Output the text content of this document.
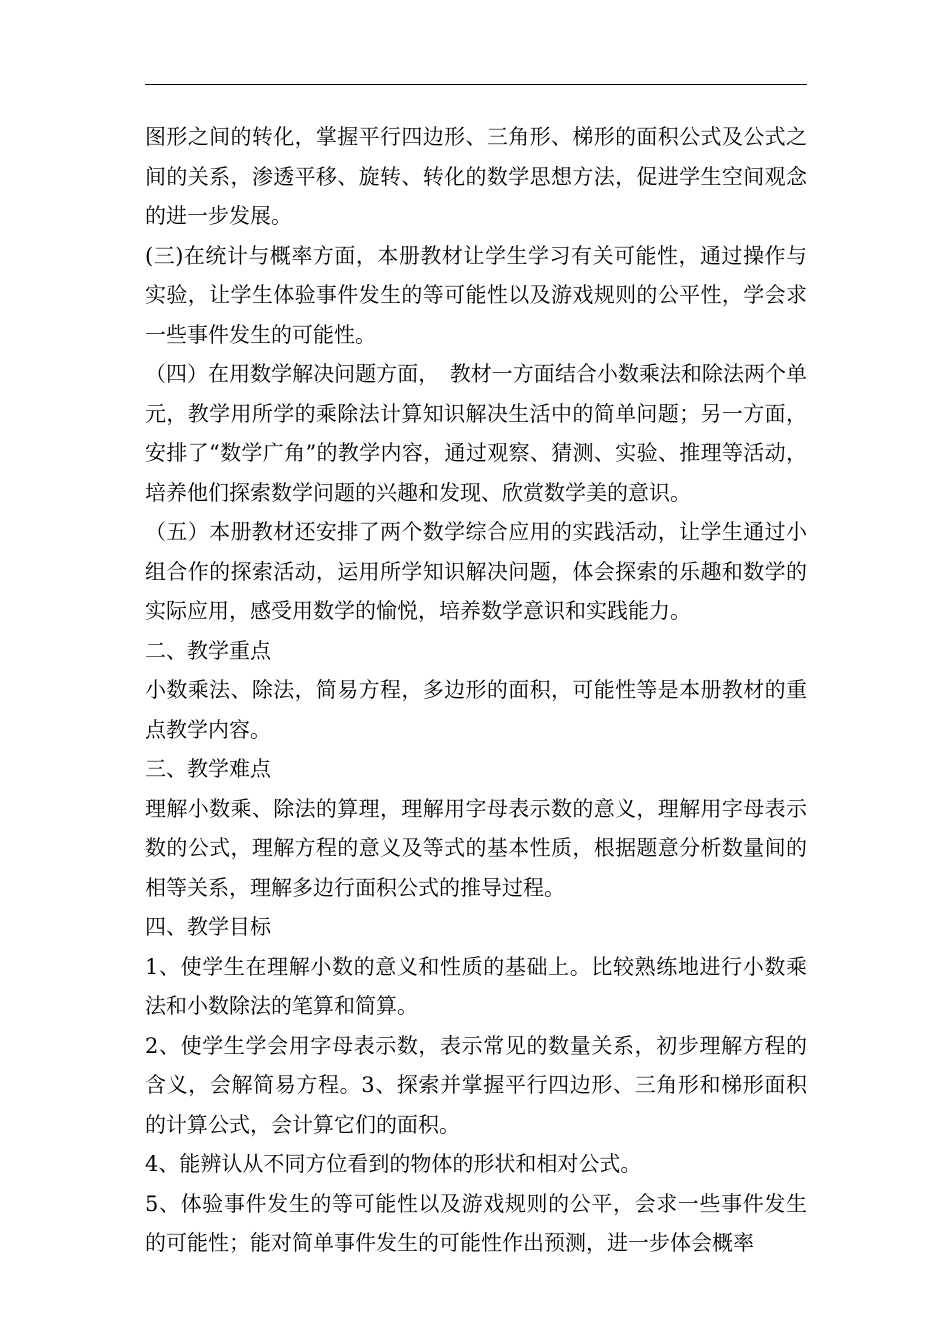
图形之间的转化，掌握平行四边形、三角形、梯形的面积公式及公式之间的关系，渗透平移、旋转、转化的数学思想方法，促进学生空间观念的进一步发展。

(三)在统计与概率方面，本册教材让学生学习有关可能性，通过操作与实验，让学生体验事件发生的等可能性以及游戏规则的公平性，学会求一些事件发生的可能性。

（四）在用数学解决问题方面，　教材一方面结合小数乘法和除法两个单元，教学用所学的乘除法计算知识解决生活中的简单问题；另一方面，安排了“数学广角”的教学内容，通过观察、猜测、实验、推理等活动，培养他们探索数学问题的兴趣和发现、欣赏数学美的意识。

（五）本册教材还安排了两个数学综合应用的实践活动，让学生通过小组合作的探索活动，运用所学知识解决问题，体会探索的乐趣和数学的实际应用，感受用数学的愉悦，培养数学意识和实践能力。

二、教学重点

小数乘法、除法，简易方程，多边形的面积，可能性等是本册教材的重点教学内容。

三、教学难点

理解小数乘、除法的算理，理解用字母表示数的意义，理解用字母表示数的公式，理解方程的意义及等式的基本性质，根据题意分析数量间的相等关系，理解多边行面积公式的推导过程。

四、教学目标

1、使学生在理解小数的意义和性质的基础上。比较熟练地进行小数乘法和小数除法的笔算和简算。

2、使学生学会用字母表示数，表示常见的数量关系，初步理解方程的含义，会解简易方程。3、探索并掌握平行四边形、三角形和梯形面积的计算公式，会计算它们的面积。

4、能辨认从不同方位看到的物体的形状和相对公式。

5、体验事件发生的等可能性以及游戏规则的公平，会求一些事件发生的可能性；能对简单事件发生的可能性作出预测，进一步体会概率
